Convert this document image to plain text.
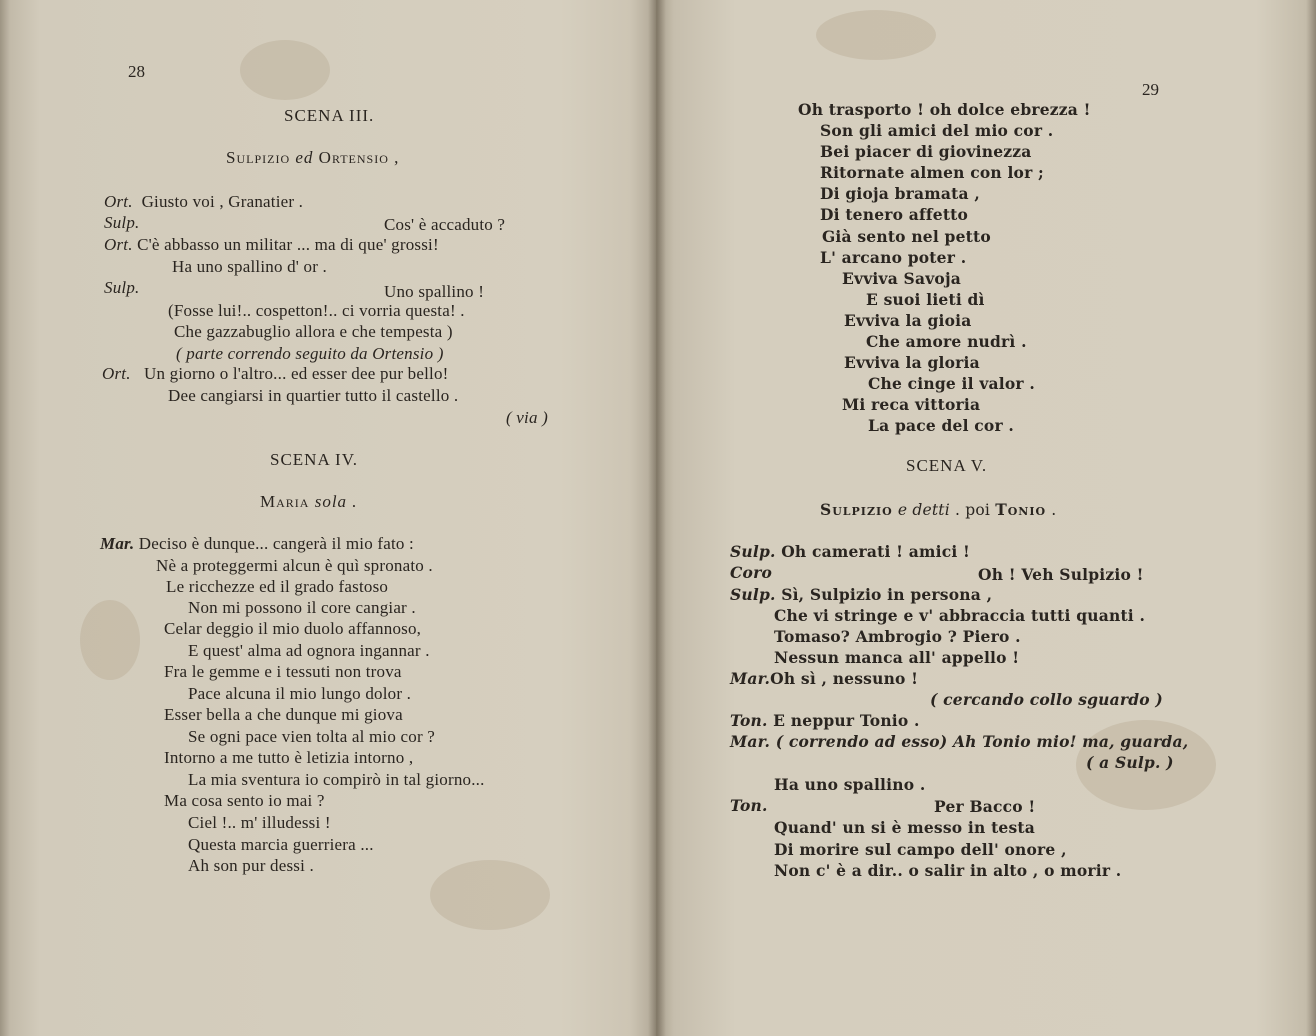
28
SCENA III.
Sulpizio ed Ortensio ,
Ort. Giusto voi , Granatier .
Sulp.	Cos' è accaduto ?
Ort. C'è abbasso un militar ... ma di que' grossi!
Ha uno spallino d' or .
Sulp.	Uno spallino !
(Fosse lui!.. cospetton!.. ci vorria questa! .
Che gazzabuglio allora e che tempesta )
( parte correndo seguito da Ortensio )
Ort. Un giorno o l'altro... ed esser dee pur bello!
Dee cangiarsi in quartier tutto il castello .
( via )
SCENA IV.
Maria sola .
Mar. Deciso è dunque... cangerà il mio fato :
Nè a proteggermi alcun è quì spronato .
Le ricchezze ed il grado fastoso
Non mi possono il core cangiar .
Celar deggio il mio duolo affannoso,
E quest' alma ad ognora ingannar .
Fra le gemme e i tessuti non trova
Pace alcuna il mio lungo dolor .
Esser bella a che dunque mi giova
Se ogni pace vien tolta al mio cor ?
Intorno a me tutto è letizia intorno ,
La mia sventura io compirò in tal giorno...
Ma cosa sento io mai ?
Ciel !.. m' illudessi !
Questa marcia guerriera ...
Ah son pur dessi .
29
Oh trasporto ! oh dolce ebrezza !
Son gli amici del mio cor .
Bei piacer di giovinezza
Ritornate almen con lor ;
Di gioja bramata ,
Di tenero affetto
Già sento nel petto
L' arcano poter .
Evviva Savoja
E suoi lieti dì
Evviva la gioia
Che amore nudrì .
Evviva la gloria
Che cinge il valor .
Mi reca vittoria
La pace del cor .
SCENA V.
Sulpizio e detti . poi Tonio .
Sulp. Oh camerati ! amici !
Coro	Oh ! Veh Sulpizio !
Sulp. Sì, Sulpizio in persona ,
Che vi stringe e v' abbraccia tutti quanti .
Tomaso? Ambrogio ? Piero .
Nessun manca all' appello !
Mar.Oh sì , nessuno !
( cercando collo sguardo )
Ton. E neppur Tonio .
Mar. ( correndo ad esso) Ah Tonio mio! ma, guarda,
( a Sulp. )
Ha uno spallino .
Ton.	Per Bacco !
Quand' un si è messo in testa
Di morire sul campo dell' onore ,
Non c' è a dir.. o salir in alto , o morir .
